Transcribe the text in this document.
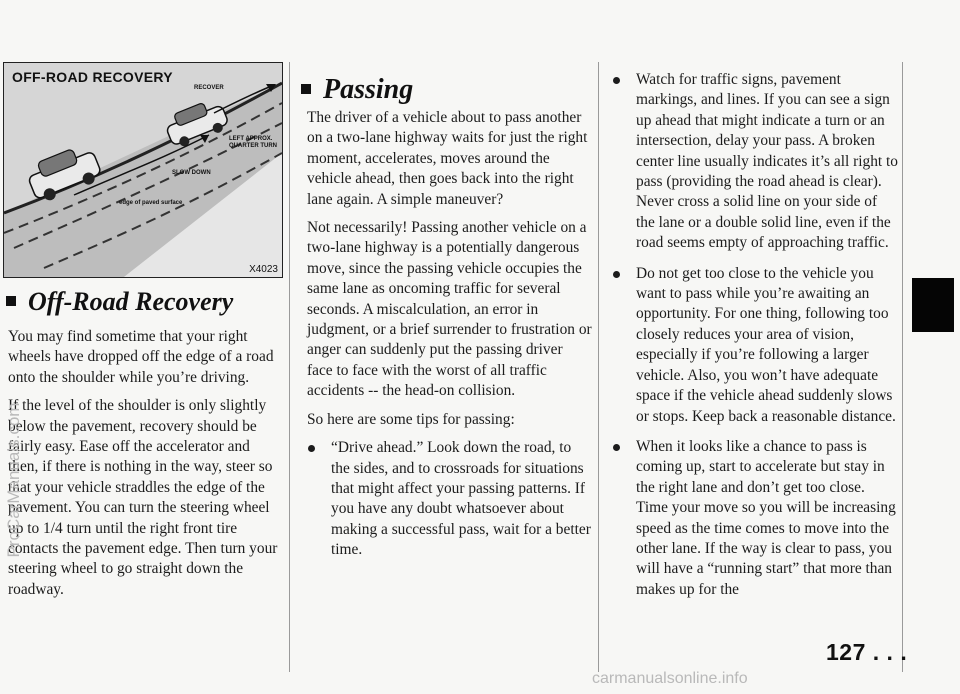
OFF-ROAD RECOVERY
RECOVER
LEFT APPROX.
QUARTER TURN
SLOW DOWN
edge of paved surface
X4023
Off-Road Recovery

You may find sometime that your right wheels have dropped off the edge of a road onto the shoulder while you’re driving.

If the level of the shoulder is only slightly below the pavement, recovery should be fairly easy. Ease off the accelerator and then, if there is nothing in the way, steer so that your vehicle straddles the edge of the pavement. You can turn the steering wheel up to 1/4 turn until the right front tire contacts the pavement edge. Then turn your steering wheel to go straight down the roadway.

Passing

The driver of a vehicle about to pass another on a two-lane highway waits for just the right moment, accelerates, moves around the vehicle ahead, then goes back into the right lane again. A simple maneuver?

Not necessarily! Passing another vehicle on a two-lane highway is a potentially dangerous move, since the passing vehicle occupies the same lane as oncoming traffic for several seconds. A miscalculation, an error in judgment, or a brief surrender to frustration or anger can suddenly put the passing driver face to face with the worst of all traffic accidents -- the head-on collision.

So here are some tips for passing:

“Drive ahead.” Look down the road, to the sides, and to crossroads for situations that might affect your passing patterns. If you have any doubt whatsoever about making a successful pass, wait for a better time.
Watch for traffic signs, pavement markings, and lines. If you can see a sign up ahead that might indicate a turn or an intersection, delay your pass. A broken center line usually indicates it’s all right to pass (providing the road ahead is clear). Never cross a solid line on your side of the lane or a double solid line, even if the road seems empty of approaching traffic.
Do not get too close to the vehicle you want to pass while you’re awaiting an opportunity. For one thing, following too closely reduces your area of vision, especially if you’re following a larger vehicle. Also, you won’t have adequate space if the vehicle ahead suddenly slows or stops. Keep back a reasonable distance.
When it looks like a chance to pass is coming up, start to accelerate but stay in the right lane and don’t get too close. Time your move so you will be increasing speed as the time comes to move into the other lane. If the way is clear to pass, you will have a “running start” that more than makes up for the
127 . . .
ProCarManuals.com
carmanualsonline.info
